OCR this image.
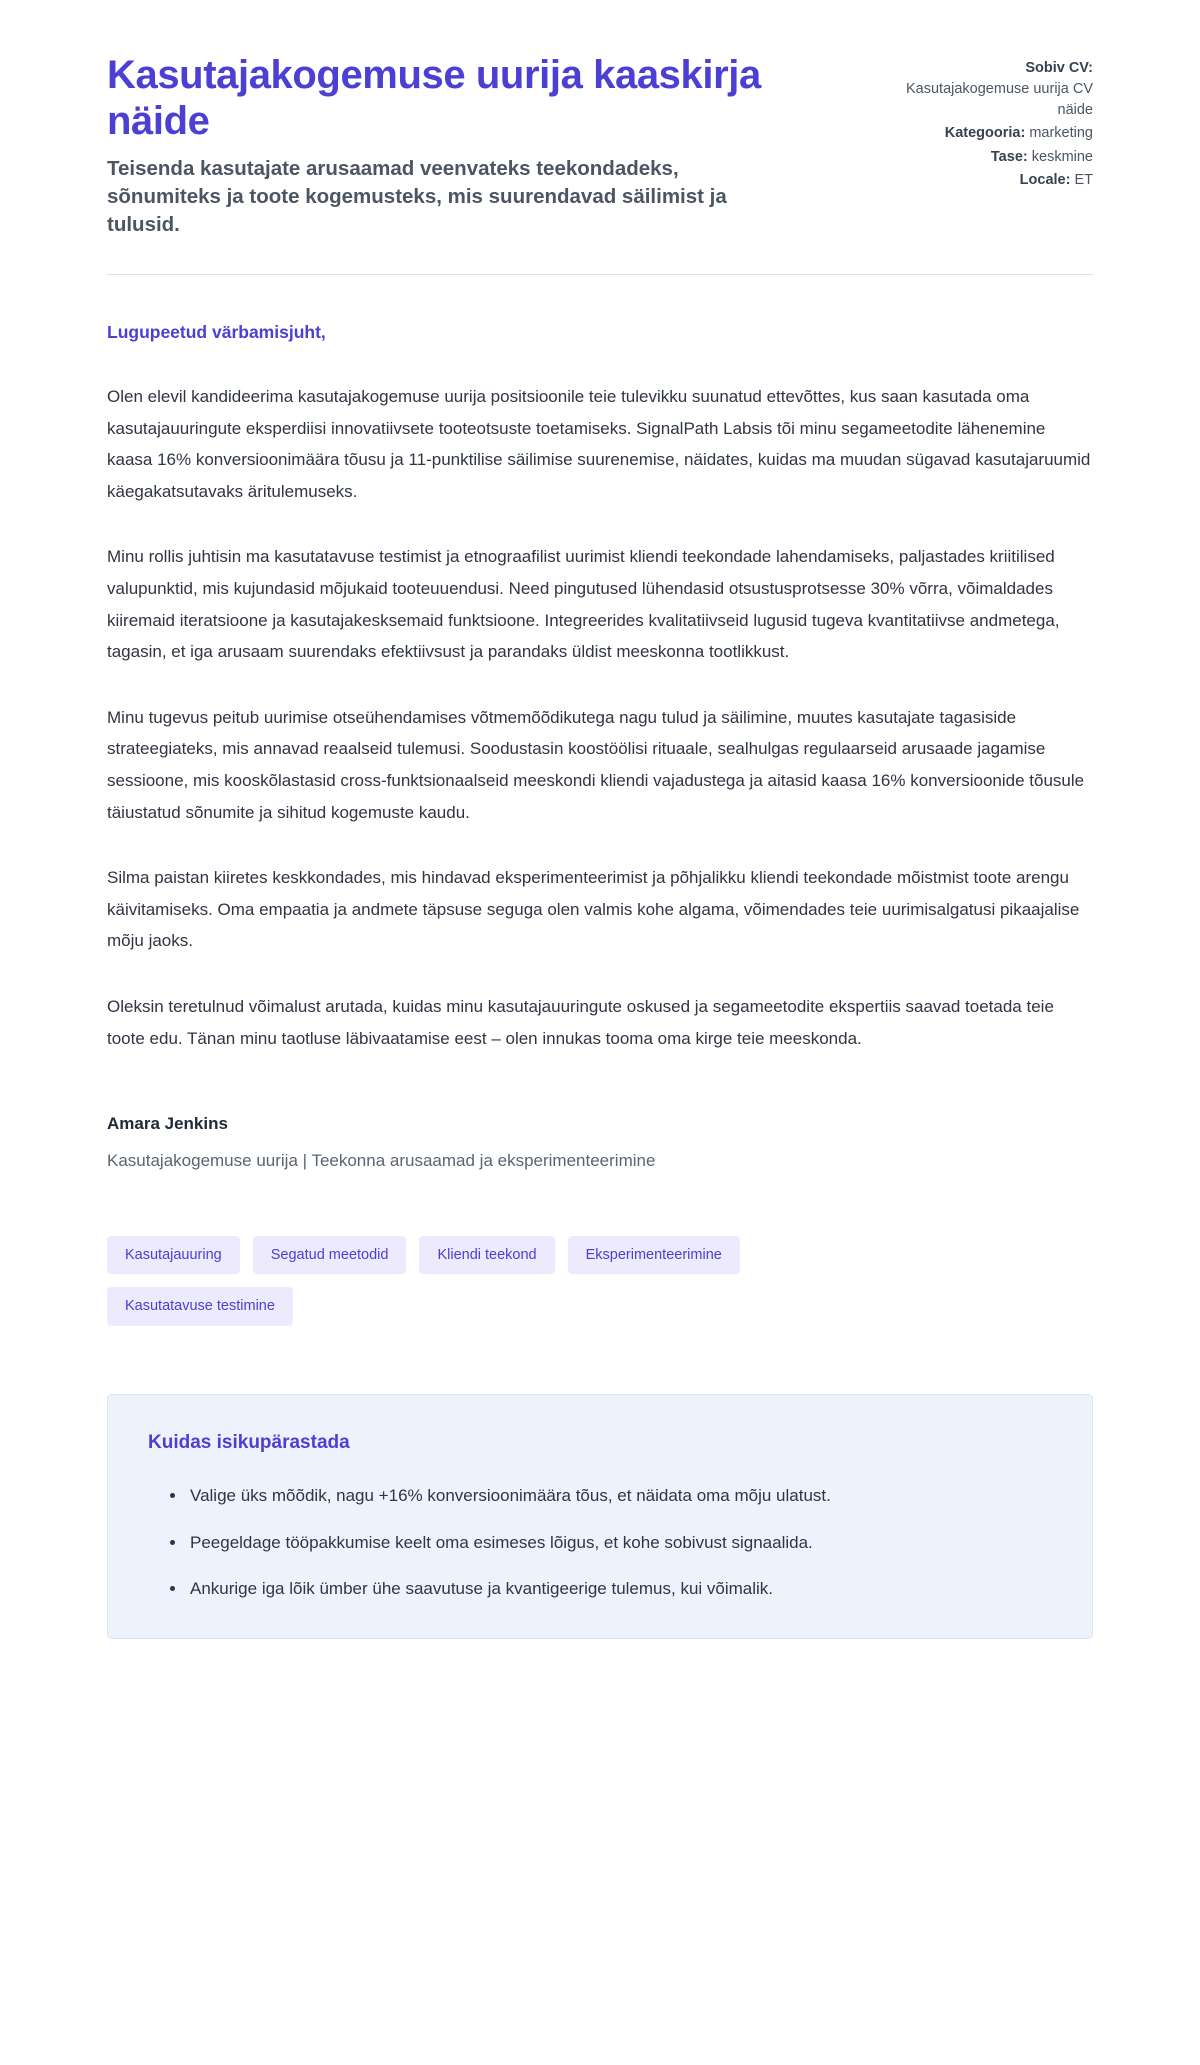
Kasutajakogemuse uurija kaaskirja näide

Teisenda kasutajate arusaamad veenvateks teekondadeks, sõnumiteks ja toote kogemusteks, mis suurendavad säilimist ja tulusid.

Sobiv CV: Kasutajakogemuse uurija CV näide
Kategooria: marketing
Tase: keskmine
Locale: ET

Lugupeetud värbamisjuht,

Olen elevil kandideerima kasutajakogemuse uurija positsioonile teie tulevikku suunatud ettevõttes, kus saan kasutada oma kasutajauuringute eksperdiisi innovatiivsete tooteotsuste toetamiseks. SignalPath Labsis tõi minu segameetodite lähenemine kaasa 16% konversioonimäära tõusu ja 11-punktilise säilimise suurenemise, näidates, kuidas ma muudan sügavad kasutajaruumid käegakatsutavaks äritulemuseks.

Minu rollis juhtisin ma kasutatavuse testimist ja etnograafilist uurimist kliendi teekondade lahendamiseks, paljastades kriitilised valupunktid, mis kujundasid mõjukaid tooteuuendusi. Need pingutused lühendasid otsustusprotsesse 30% võrra, võimaldades kiiremaid iteratsioone ja kasutajakesksemaid funktsioone. Integreerides kvalitatiivseid lugusid tugeva kvantitatiivse andmetega, tagasin, et iga arusaam suurendaks efektiivsust ja parandaks üldist meeskonna tootlikkust.

Minu tugevus peitub uurimise otseühendamises võtmemõõdikutega nagu tulud ja säilimine, muutes kasutajate tagasiside strateegiateks, mis annavad reaalseid tulemusi. Soodustasin koostöölisi rituaale, sealhulgas regulaarseid arusaade jagamise sessioone, mis kooskõlastasid cross-funktsionaalseid meeskondi kliendi vajadustega ja aitasid kaasa 16% konversioonide tõusule täiustatud sõnumite ja sihitud kogemuste kaudu.

Silma paistan kiiretes keskkondades, mis hindavad eksperimenteerimist ja põhjalikku kliendi teekondade mõistmist toote arengu käivitamiseks. Oma empaatia ja andmete täpsuse seguga olen valmis kohe algama, võimendades teie uurimisalgatusi pikaajalise mõju jaoks.

Oleksin teretulnud võimalust arutada, kuidas minu kasutajauuringute oskused ja segameetodite ekspertiis saavad toetada teie toote edu. Tänan minu taotluse läbivaatamise eest – olen innukas tooma oma kirge teie meeskonda.

Amara Jenkins

Kasutajakogemuse uurija | Teekonna arusaamad ja eksperimenteerimine

Kasutajauuring	Segatud meetodid	Kliendi teekond	Eksperimenteerimine
Kasutatavuse testimine
Kuidas isikupärastada
Valige üks mõõdik, nagu +16% konversioonimäära tõus, et näidata oma mõju ulatust.
Peegeldage tööpakkumise keelt oma esimeses lõigus, et kohe sobivust signaalida.
Ankurige iga lõik ümber ühe saavutuse ja kvantigeerige tulemus, kui võimalik.
